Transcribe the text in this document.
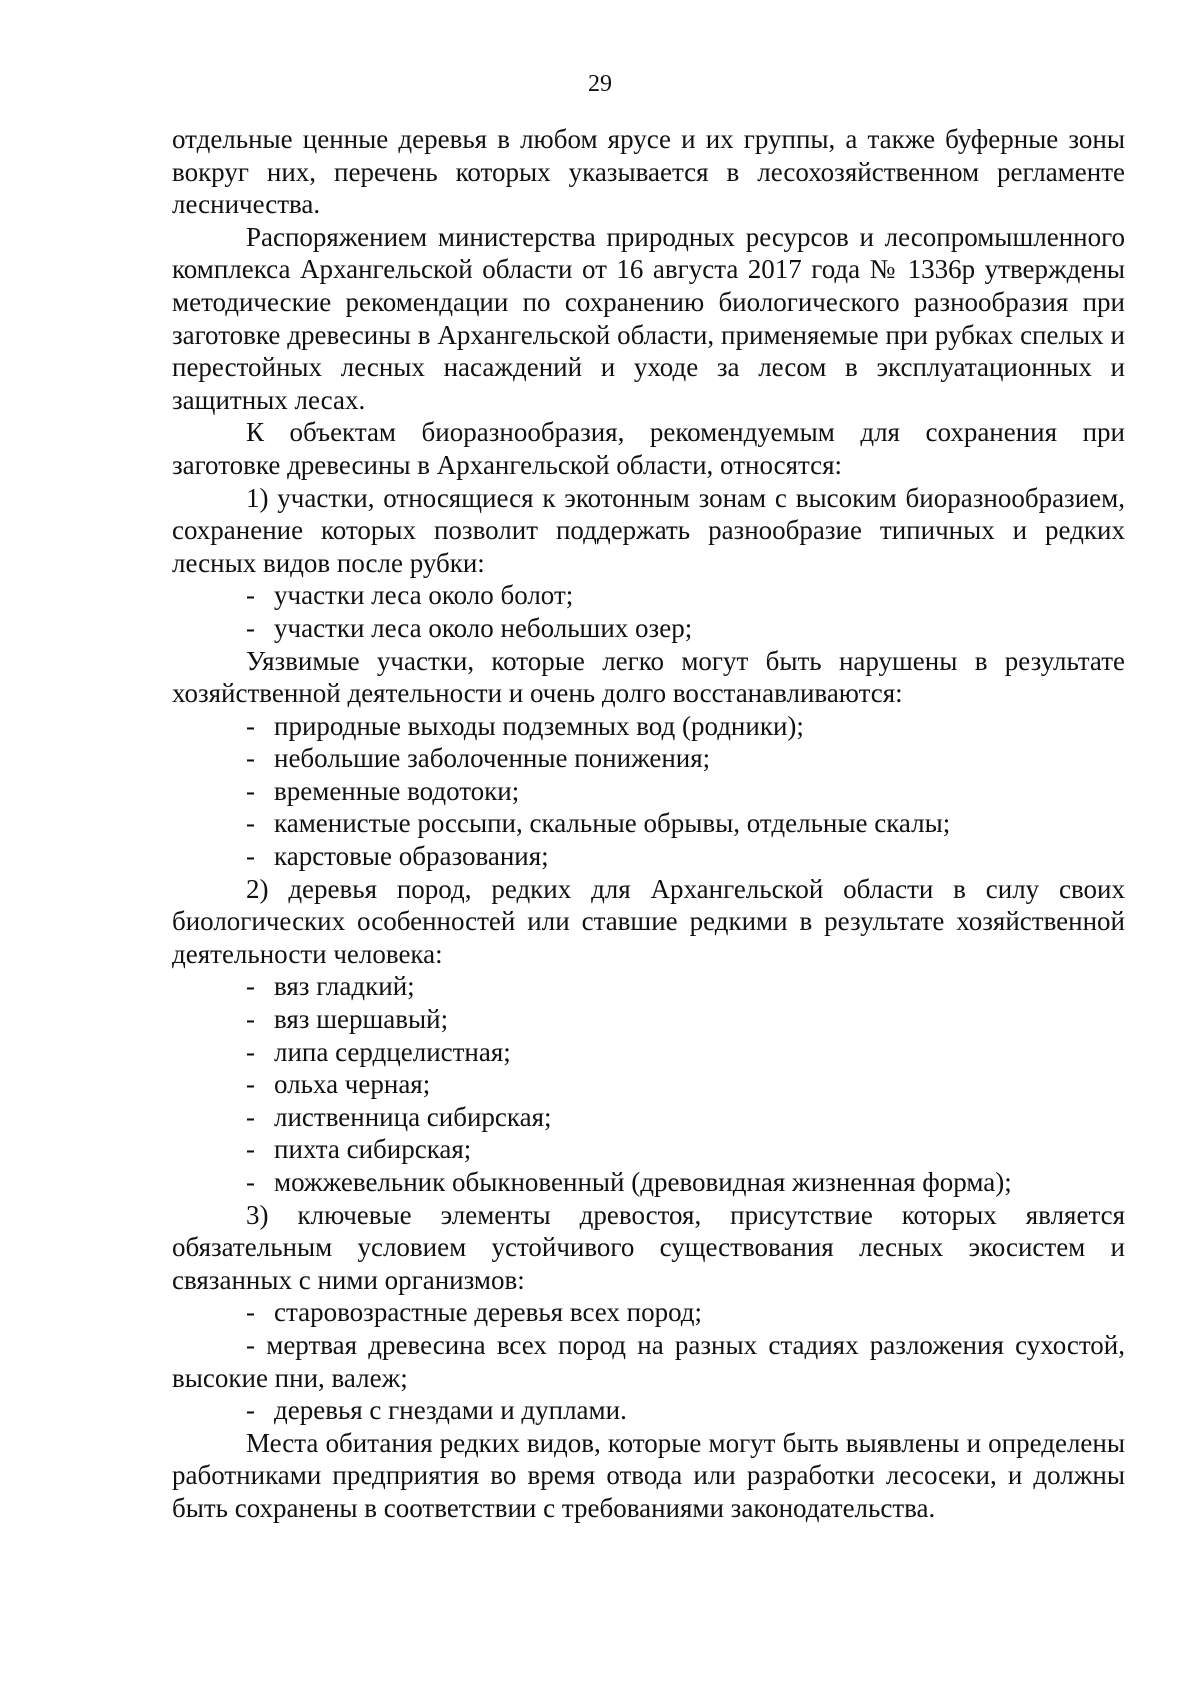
29

отдельные ценные деревья в любом ярусе и их группы, а также буферные зоны вокруг них, перечень которых указывается в лесохозяйственном регламенте лесничества.

Распоряжением министерства природных ресурсов и лесопромышленного комплекса Архангельской области от 16 августа 2017 года № 1336р утверждены методические рекомендации по сохранению биологического разнообразия при заготовке древесины в Архангельской области, применяемые при рубках спелых и перестойных лесных насаждений и уходе за лесом в эксплуатационных и защитных лесах.

К объектам биоразнообразия, рекомендуемым для сохранения при заготовке древесины в Архангельской области, относятся:

1) участки, относящиеся к экотонным зонам с высоким биоразнообразием, сохранение которых позволит поддержать разнообразие типичных и редких лесных видов после рубки:

- участки леса около болот;
- участки леса около небольших озер;

Уязвимые участки, которые легко могут быть нарушены в результате хозяйственной деятельности и очень долго восстанавливаются:

- природные выходы подземных вод (родники);
- небольшие заболоченные понижения;
- временные водотоки;
- каменистые россыпи, скальные обрывы, отдельные скалы;
- карстовые образования;

2) деревья пород, редких для Архангельской области в силу своих биологических особенностей или ставшие редкими в результате хозяйственной деятельности человека:

- вяз гладкий;
- вяз шершавый;
- липа сердцелистная;
- ольха черная;
- лиственница сибирская;
- пихта сибирская;
- можжевельник обыкновенный (древовидная жизненная форма);

3) ключевые элементы древостоя, присутствие которых является обязательным условием устойчивого существования лесных экосистем и связанных с ними организмов:

- старовозрастные деревья всех пород;
- мертвая древесина всех пород на разных стадиях разложения сухостой, высокие пни, валеж;
- деревья с гнездами и дуплами.

Места обитания редких видов, которые могут быть выявлены и определены работниками предприятия во время отвода или разработки лесосеки, и должны быть сохранены в соответствии с требованиями законодательства.
